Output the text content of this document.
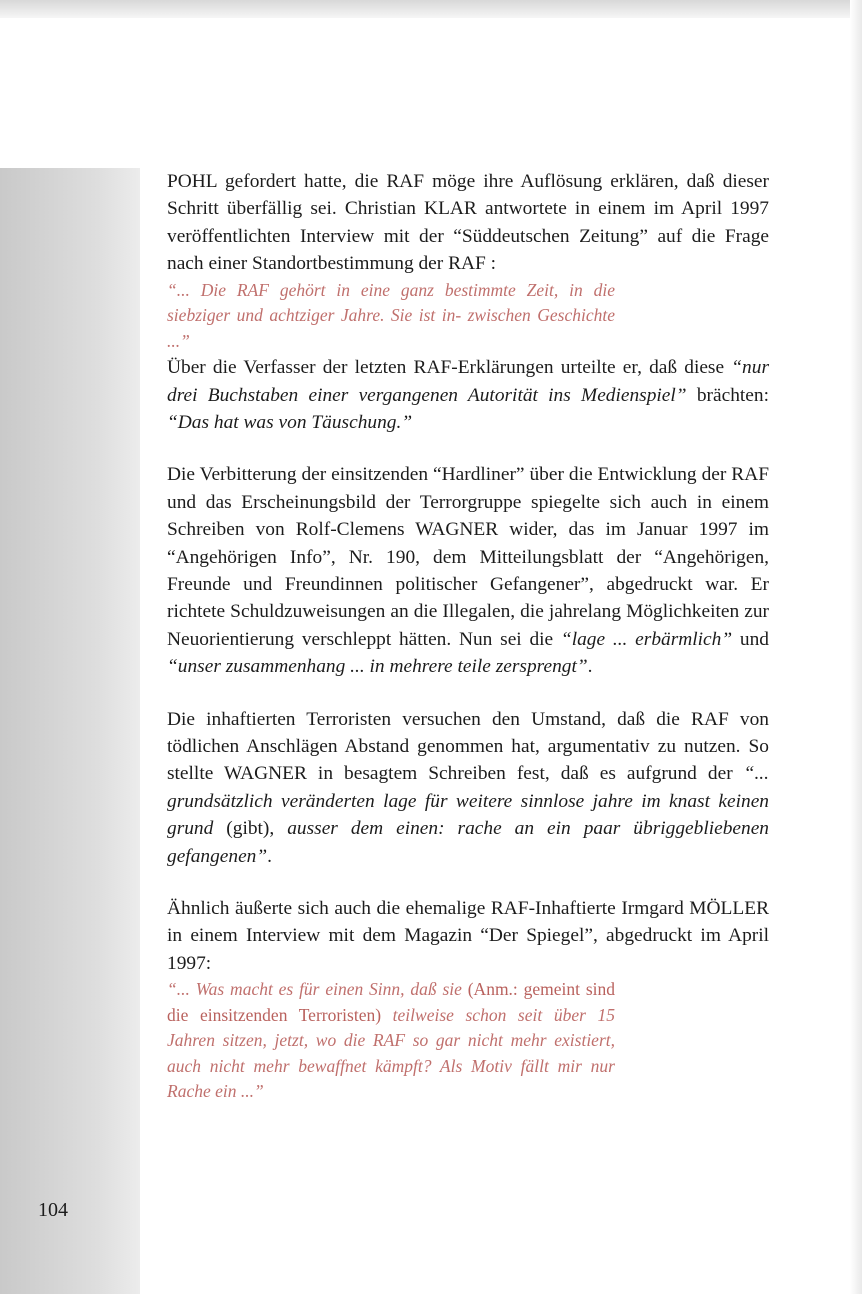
POHL gefordert hatte, die RAF möge ihre Auflösung erklären, daß dieser Schritt überfällig sei. Christian KLAR antwortete in einem im April 1997 veröffentlichten Interview mit der “Süddeutschen Zeitung” auf die Frage nach einer Standortbestimmung der RAF :

“... Die RAF gehört in eine ganz bestimmte Zeit, in die siebziger und achtziger Jahre. Sie ist in- zwischen Geschichte ...”

Über die Verfasser der letzten RAF-Erklärungen urteilte er, daß diese “nur drei Buchstaben einer vergangenen Autorität ins Medienspiel” brächten: “Das hat was von Täuschung.”

Die Verbitterung der einsitzenden “Hardliner” über die Entwicklung der RAF und das Erscheinungsbild der Terrorgruppe spiegelte sich auch in einem Schreiben von Rolf-Clemens WAGNER wider, das im Januar 1997 im “Angehörigen Info”, Nr. 190, dem Mitteilungsblatt der “Angehörigen, Freunde und Freundinnen politischer Gefangener”, abgedruckt war. Er richtete Schuldzuweisungen an die Illegalen, die jahrelang Möglichkeiten zur Neuorientierung verschleppt hätten. Nun sei die “lage ... erbärmlich” und “unser zusammenhang ... in mehrere teile zersprengt”.

Die inhaftierten Terroristen versuchen den Umstand, daß die RAF von tödlichen Anschlägen Abstand genommen hat, argumentativ zu nutzen. So stellte WAGNER in besagtem Schreiben fest, daß es aufgrund der “... grundsätzlich veränderten lage für weitere sinnlose jahre im knast keinen grund (gibt), ausser dem einen: rache an ein paar übriggebliebenen gefangenen”.

Ähnlich äußerte sich auch die ehemalige RAF-Inhaftierte Irmgard MÖLLER in einem Interview mit dem Magazin “Der Spiegel”, abgedruckt im April 1997:

“... Was macht es für einen Sinn, daß sie (Anm.: gemeint sind die einsitzenden Terroristen) teilweise schon seit über 15 Jahren sitzen, jetzt, wo die RAF so gar nicht mehr existiert, auch nicht mehr bewaffnet kämpft? Als Motiv fällt mir nur Rache ein ...”

104
